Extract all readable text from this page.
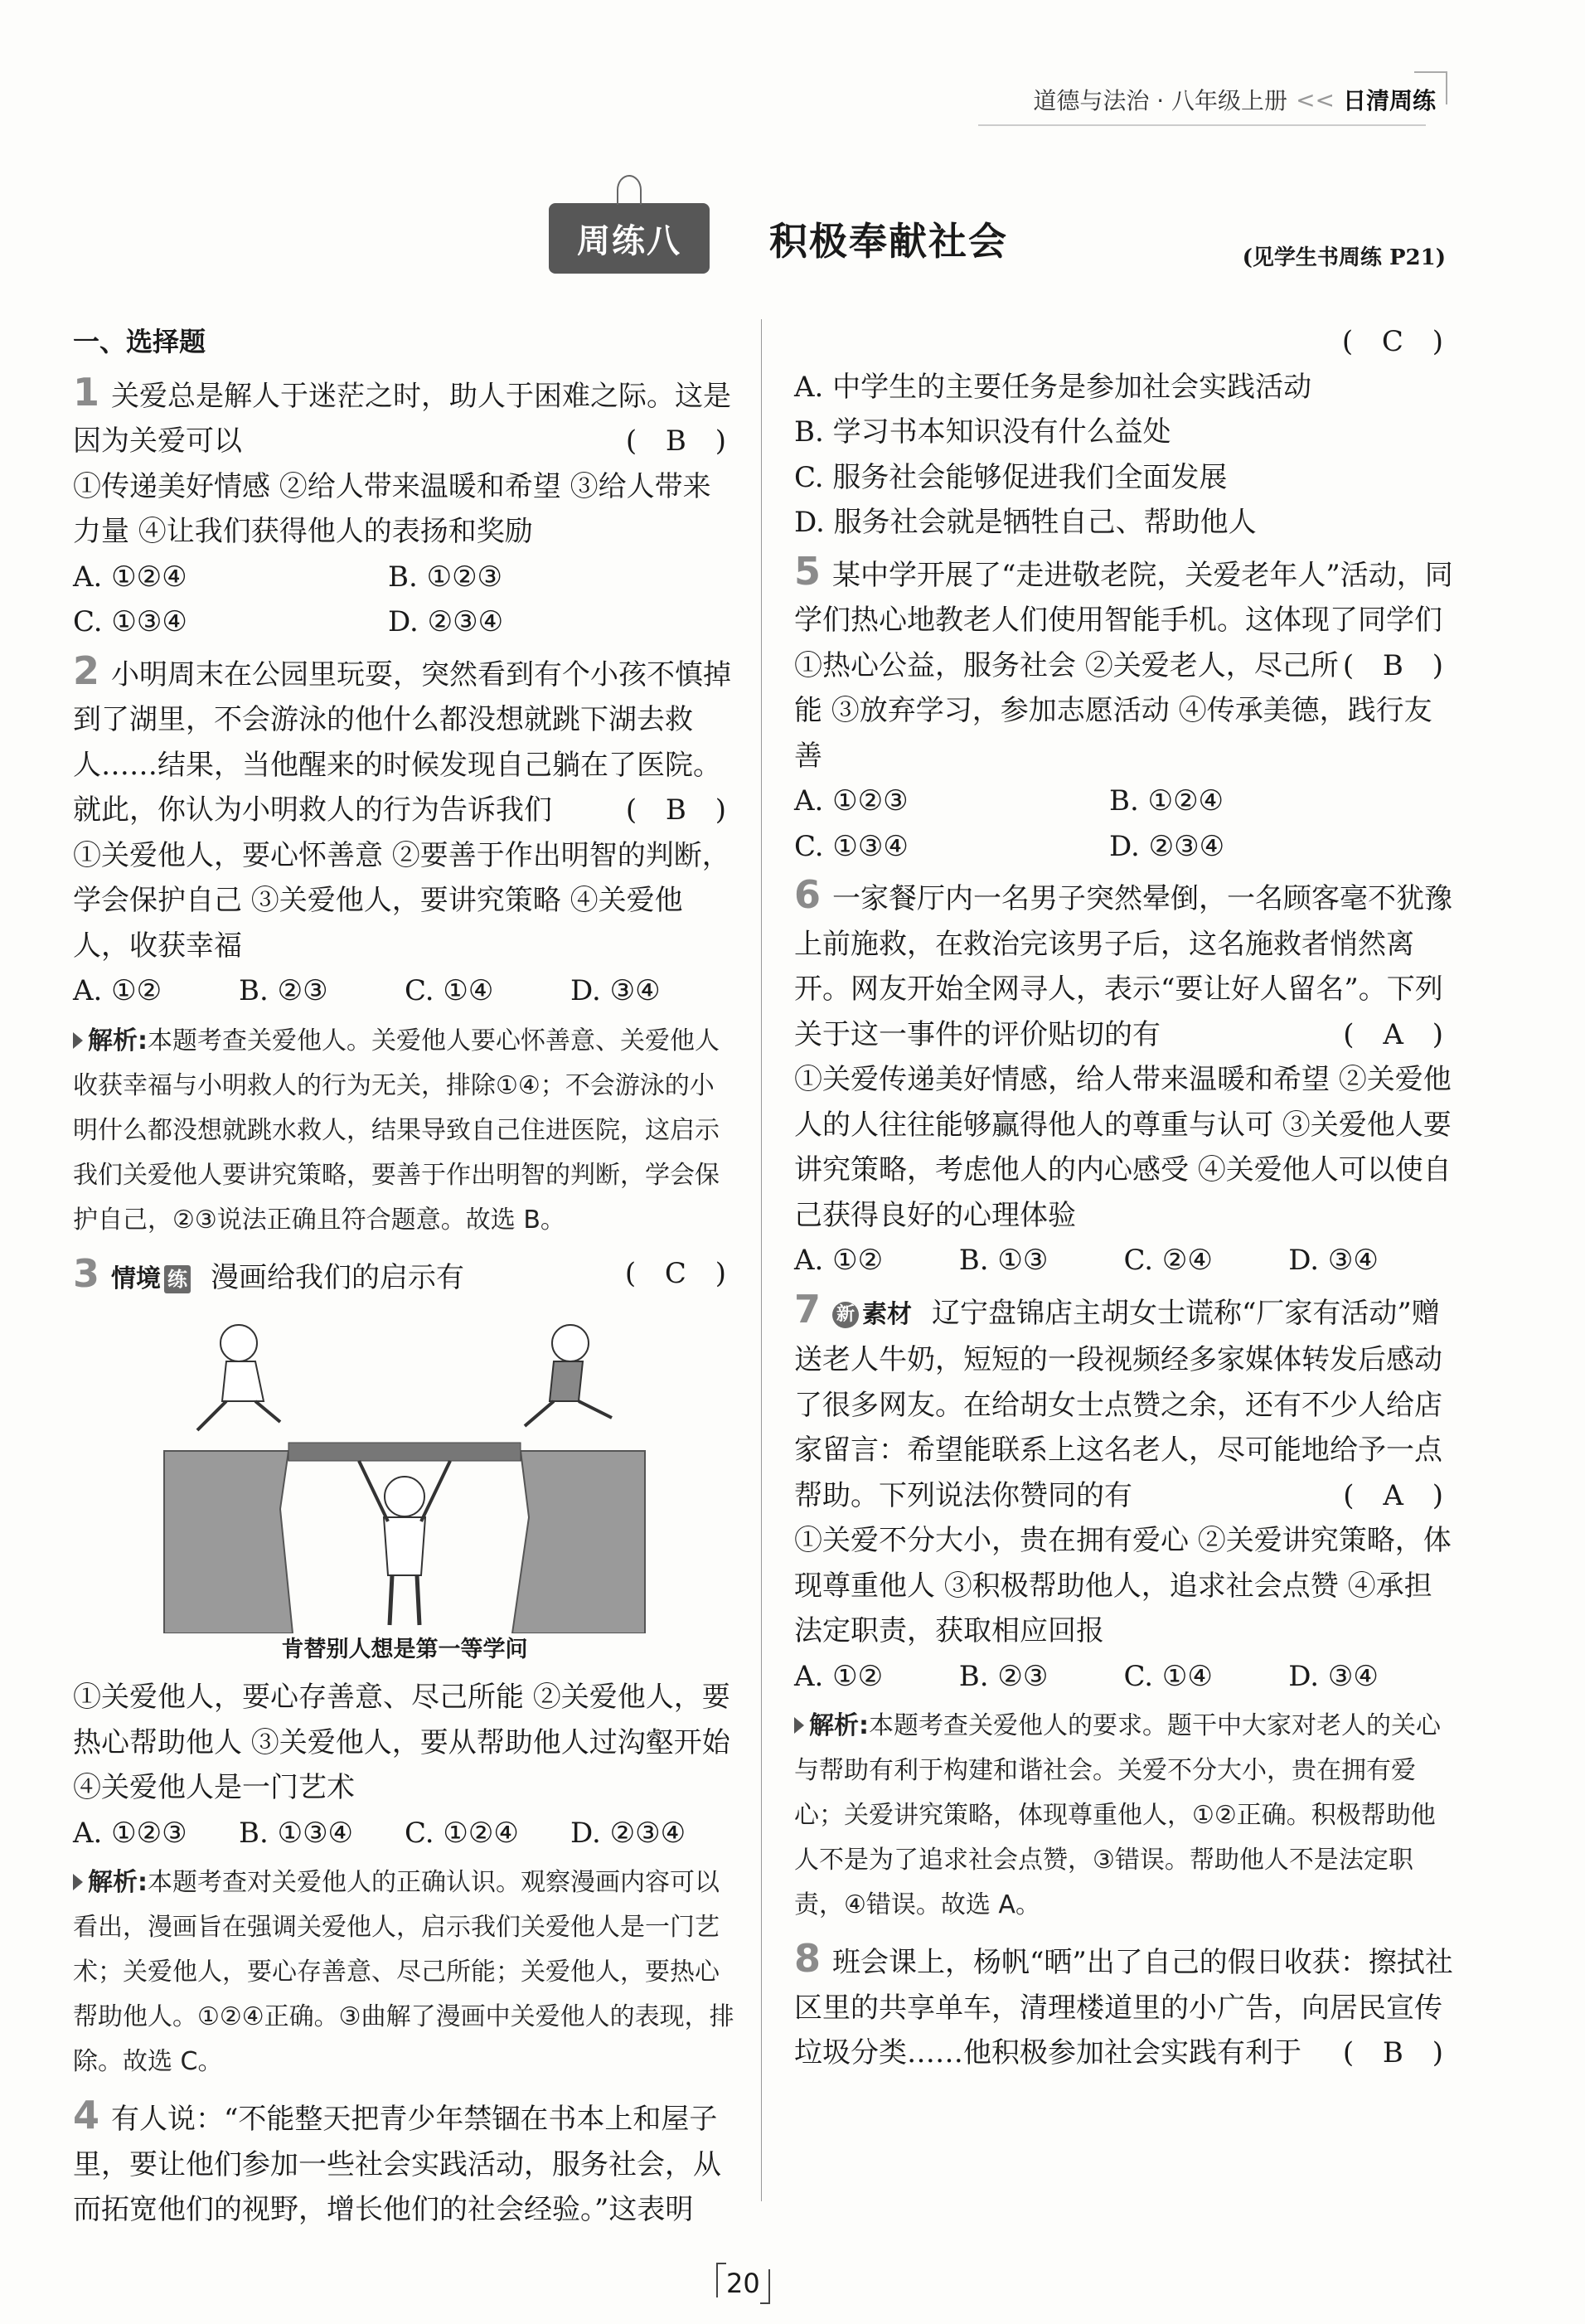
道德与法治 · 八年级上册 << 日清周练
周练八	积极奉献社会	(见学生书周练 P21)
一、选择题
1 关爱总是解人于迷茫之时，助人于困难之际。这是
因为关爱可以	( B )
①传递美好情感 ②给人带来温暖和希望 ③给人带来力量 ④让我们获得他人的表扬和奖励
A. ①②④	B. ①②③
C. ①③④	D. ②③④
2 小明周末在公园里玩耍，突然看到有个小孩不慎掉到了湖里，不会游泳的他什么都没想就跳下湖去救人……结果，当他醒来的时候发现自己躺在了医院。就此，你认为小明救人的行为告诉我们	( B )
①关爱他人，要心怀善意 ②要善于作出明智的判断，学会保护自己 ③关爱他人，要讲究策略 ④关爱他人，收获幸福
A. ①②	B. ②③	C. ①④	D. ③④
解析:本题考查关爱他人。关爱他人要心怀善意、关爱他人收获幸福与小明救人的行为无关，排除①④；不会游泳的小明什么都没想就跳水救人，结果导致自己住进医院，这启示我们关爱他人要讲究策略，要善于作出明智的判断，学会保护自己，②③说法正确且符合题意。故选 B。
3 情境 练 漫画给我们的启示有	( C )
肯替别人想是第一等学问
①关爱他人，要心存善意、尽己所能 ②关爱他人，要热心帮助他人 ③关爱他人，要从帮助他人过沟壑开始 ④关爱他人是一门艺术
A. ①②③	B. ①③④	C. ①②④	D. ②③④
解析:本题考查对关爱他人的正确认识。观察漫画内容可以看出，漫画旨在强调关爱他人，启示我们关爱他人是一门艺术；关爱他人，要心存善意、尽己所能；关爱他人，要热心帮助他人。①②④正确。③曲解了漫画中关爱他人的表现，排除。故选 C。
4 有人说：“不能整天把青少年禁锢在书本上和屋子里，要让他们参加一些社会实践活动，服务社会，从而拓宽他们的视野，增长他们的社会经验。”这表明
( C )
A. 中学生的主要任务是参加社会实践活动
B. 学习书本知识没有什么益处
C. 服务社会能够促进我们全面发展
D. 服务社会就是牺牲自己、帮助他人
5 某中学开展了“走进敬老院，关爱老年人”活动，同学们热心地教老人们使用智能手机。这体现了同学们
( B )
①热心公益，服务社会 ②关爱老人，尽己所能 ③放弃学习，参加志愿活动 ④传承美德，践行友善
A. ①②③	B. ①②④
C. ①③④	D. ②③④
6 一家餐厅内一名男子突然晕倒，一名顾客毫不犹豫上前施救，在救治完该男子后，这名施救者悄然离开。网友开始全网寻人，表示“要让好人留名”。下列关于这一事件的评价贴切的有	( A )
①关爱传递美好情感，给人带来温暖和希望 ②关爱他人的人往往能够赢得他人的尊重与认可 ③关爱他人要讲究策略，考虑他人的内心感受 ④关爱他人可以使自己获得良好的心理体验
A. ①②	B. ①③	C. ②④	D. ③④
7 新 素材 辽宁盘锦店主胡女士谎称“厂家有活动”赠送老人牛奶，短短的一段视频经多家媒体转发后感动了很多网友。在给胡女士点赞之余，还有不少人给店家留言：希望能联系上这名老人，尽可能地给予一点帮助。下列说法你赞同的有	( A )
①关爱不分大小，贵在拥有爱心 ②关爱讲究策略，体现尊重他人 ③积极帮助他人，追求社会点赞 ④承担法定职责，获取相应回报
A. ①②	B. ②③	C. ①④	D. ③④
解析:本题考查关爱他人的要求。题干中大家对老人的关心与帮助有利于构建和谐社会。关爱不分大小，贵在拥有爱心；关爱讲究策略，体现尊重他人，①②正确。积极帮助他人不是为了追求社会点赞，③错误。帮助他人不是法定职责，④错误。故选 A。
8 班会课上，杨帆“晒”出了自己的假日收获：擦拭社区里的共享单车，清理楼道里的小广告，向居民宣传垃圾分类……他积极参加社会实践有利于 ( B )
20
